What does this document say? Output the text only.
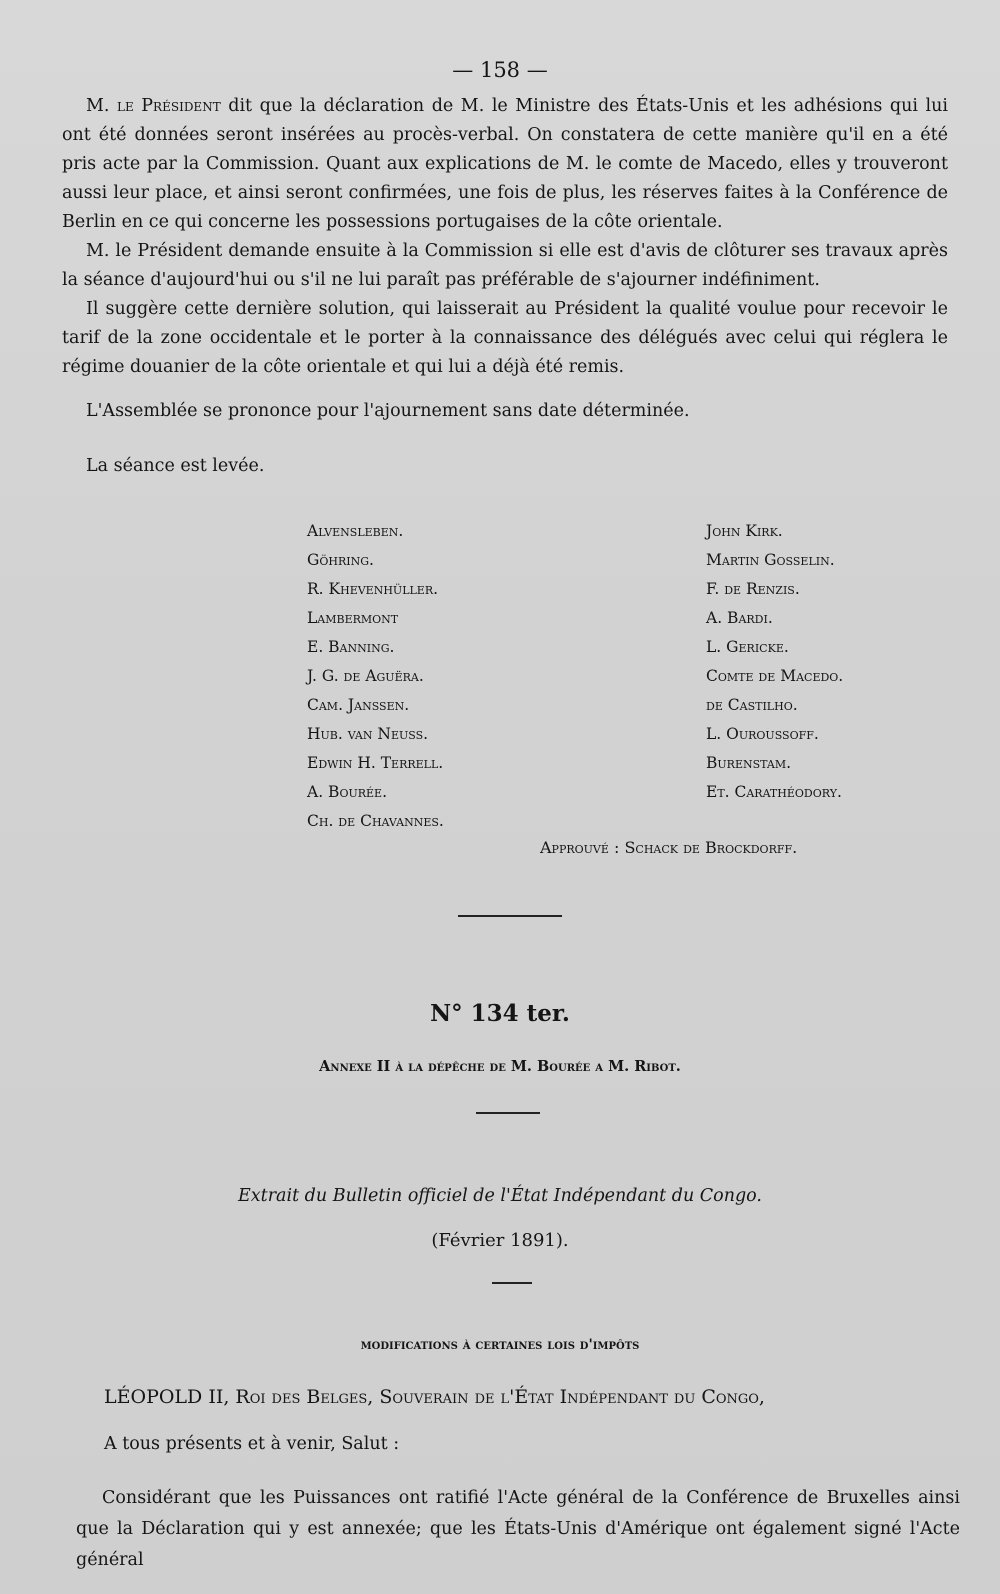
— 158 —

M. le Président dit que la déclaration de M. le Ministre des États-Unis et les adhésions qui lui ont été données seront insérées au procès-verbal. On constatera de cette manière qu'il en a été pris acte par la Commission. Quant aux explications de M. le comte de Macedo, elles y trouveront aussi leur place, et ainsi seront confirmées, une fois de plus, les réserves faites à la Conférence de Berlin en ce qui concerne les possessions portugaises de la côte orientale.

M. le Président demande ensuite à la Commission si elle est d'avis de clôturer ses travaux après la séance d'aujourd'hui ou s'il ne lui paraît pas préférable de s'ajourner indéfiniment.

Il suggère cette dernière solution, qui laisserait au Président la qualité voulue pour recevoir le tarif de la zone occidentale et le porter à la connaissance des délégués avec celui qui réglera le régime douanier de la côte orientale et qui lui a déjà été remis.

L'Assemblée se prononce pour l'ajournement sans date déterminée.

La séance est levée.

Alvensleben.
Göhring.
R. Khevenhüller.
Lambermont
E. Banning.
J. G. de Aguëra.
Cam. Janssen.
Hub. van Neuss.
Edwin H. Terrell.
A. Bourée.
Ch. de Chavannes.
John Kirk.
Martin Gosselin.
F. de Renzis.
A. Bardi.
L. Gericke.
Comte de Macedo.
de Castilho.
L. Ouroussoff.
Burenstam.
Et. Carathéodory.
Approuvé : Schack de Brockdorff.
N° 134 ter.
Annexe II à la dépêche de M. Bourée a M. Ribot.
Extrait du Bulletin officiel de l'État Indépendant du Congo.
(Février 1891).
modifications à certaines lois d'impôts
LÉOPOLD II, Roi des Belges, Souverain de l'État Indépendant du Congo,
A tous présents et à venir, Salut :

Considérant que les Puissances ont ratifié l'Acte général de la Conférence de Bruxelles ainsi que la Déclaration qui y est annexée; que les États-Unis d'Amérique ont également signé l'Acte général
